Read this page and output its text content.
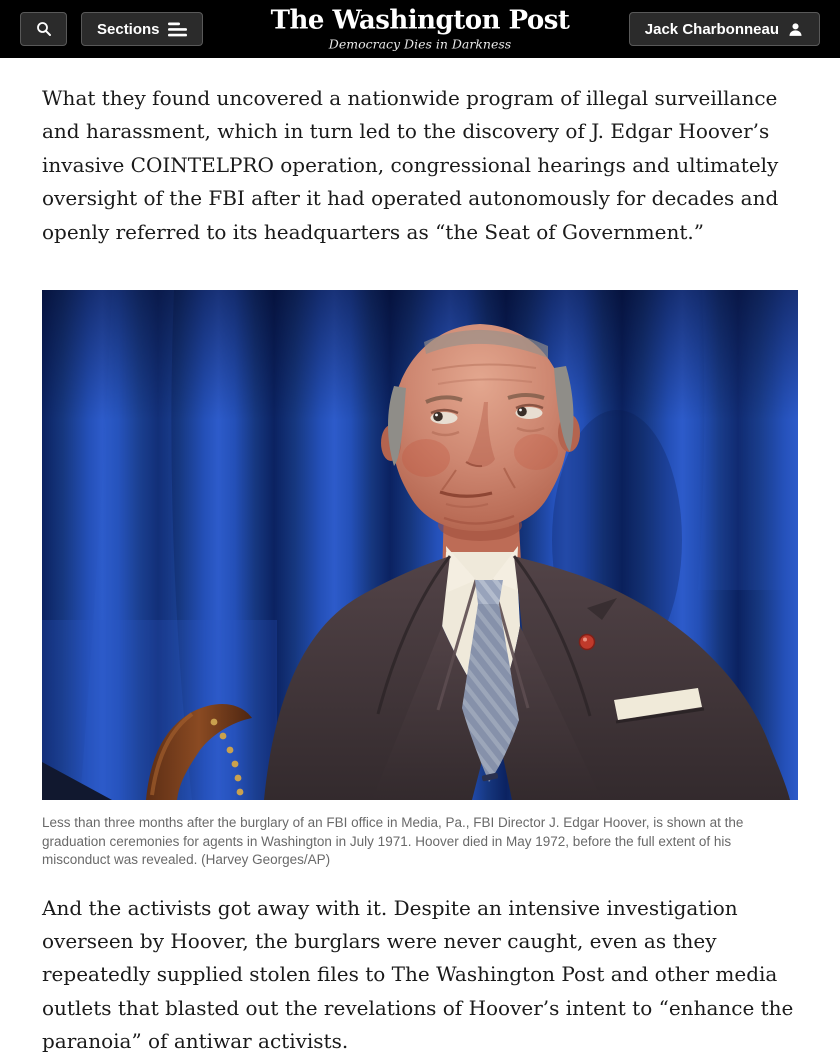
Sections	The Washington Post
Democracy Dies in Darkness
Jack Charbonneau

What they found uncovered a nationwide program of illegal surveillance and harassment, which in turn led to the discovery of J. Edgar Hoover’s invasive COINTELPRO operation, congressional hearings and ultimately oversight of the FBI after it had operated autonomously for decades and openly referred to its headquarters as “the Seat of Government.”

Less than three months after the burglary of an FBI office in Media, Pa., FBI Director J. Edgar Hoover, is shown at the graduation ceremonies for agents in Washington in July 1971. Hoover died in May 1972, before the full extent of his misconduct was revealed. (Harvey Georges/AP)

And the activists got away with it. Despite an intensive investigation overseen by Hoover, the burglars were never caught, even as they repeatedly supplied stolen files to The Washington Post and other media outlets that blasted out the revelations of Hoover’s intent to “enhance the paranoia” of antiwar activists.
